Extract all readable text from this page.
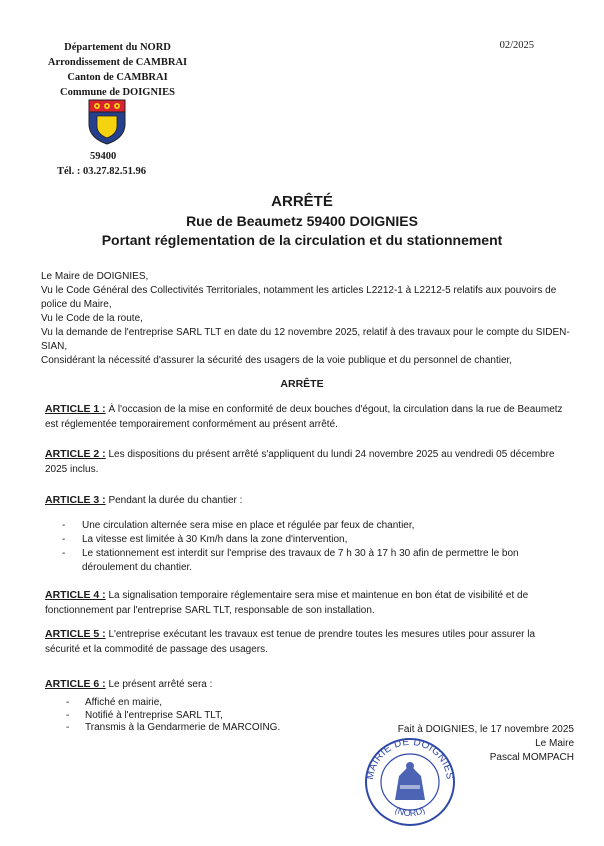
Département du NORD
Arrondissement de CAMBRAI
Canton de CAMBRAI
Commune de DOIGNIES
02/2025
59400
Tél. : 03.27.82.51.96
ARRÊTÉ
Rue de Beaumetz 59400 DOIGNIES
Portant réglementation de la circulation et du stationnement
Le Maire de DOIGNIES,
Vu le Code Général des Collectivités Territoriales, notamment les articles L2212-1 à L2212-5 relatifs aux pouvoirs de police du Maire,
Vu le Code de la route,
Vu la demande de l'entreprise SARL TLT en date du 12 novembre 2025, relatif à des travaux pour le compte du SIDEN-SIAN,
Considérant la nécessité d'assurer la sécurité des usagers de la voie publique et du personnel de chantier,
ARRÊTE
ARTICLE 1 : À l'occasion de la mise en conformité de deux bouches d'égout, la circulation dans la rue de Beaumetz est réglementée temporairement conformément au présent arrêté.
ARTICLE 2 : Les dispositions du présent arrêté s'appliquent du lundi 24 novembre 2025 au vendredi 05 décembre 2025 inclus.
ARTICLE 3 : Pendant la durée du chantier :
- Une circulation alternée sera mise en place et régulée par feux de chantier,
- La vitesse est limitée à 30 Km/h dans la zone d'intervention,
- Le stationnement est interdit sur l'emprise des travaux de 7 h 30 à 17 h 30 afin de permettre le bon déroulement du chantier.
ARTICLE 4 : La signalisation temporaire réglementaire sera mise et maintenue en bon état de visibilité et de fonctionnement par l'entreprise SARL TLT, responsable de son installation.
ARTICLE 5 : L'entreprise exécutant les travaux est tenue de prendre toutes les mesures utiles pour assurer la sécurité et la commodité de passage des usagers.
ARTICLE 6 : Le présent arrêté sera :
- Affiché en mairie,
- Notifié à l'entreprise SARL TLT,
- Transmis à la Gendarmerie de MARCOING.
MAIRIE DE DOIGNIES
(NORD)
Fait à DOIGNIES, le 17 novembre 2025
Le Maire
Pascal MOMPACH
